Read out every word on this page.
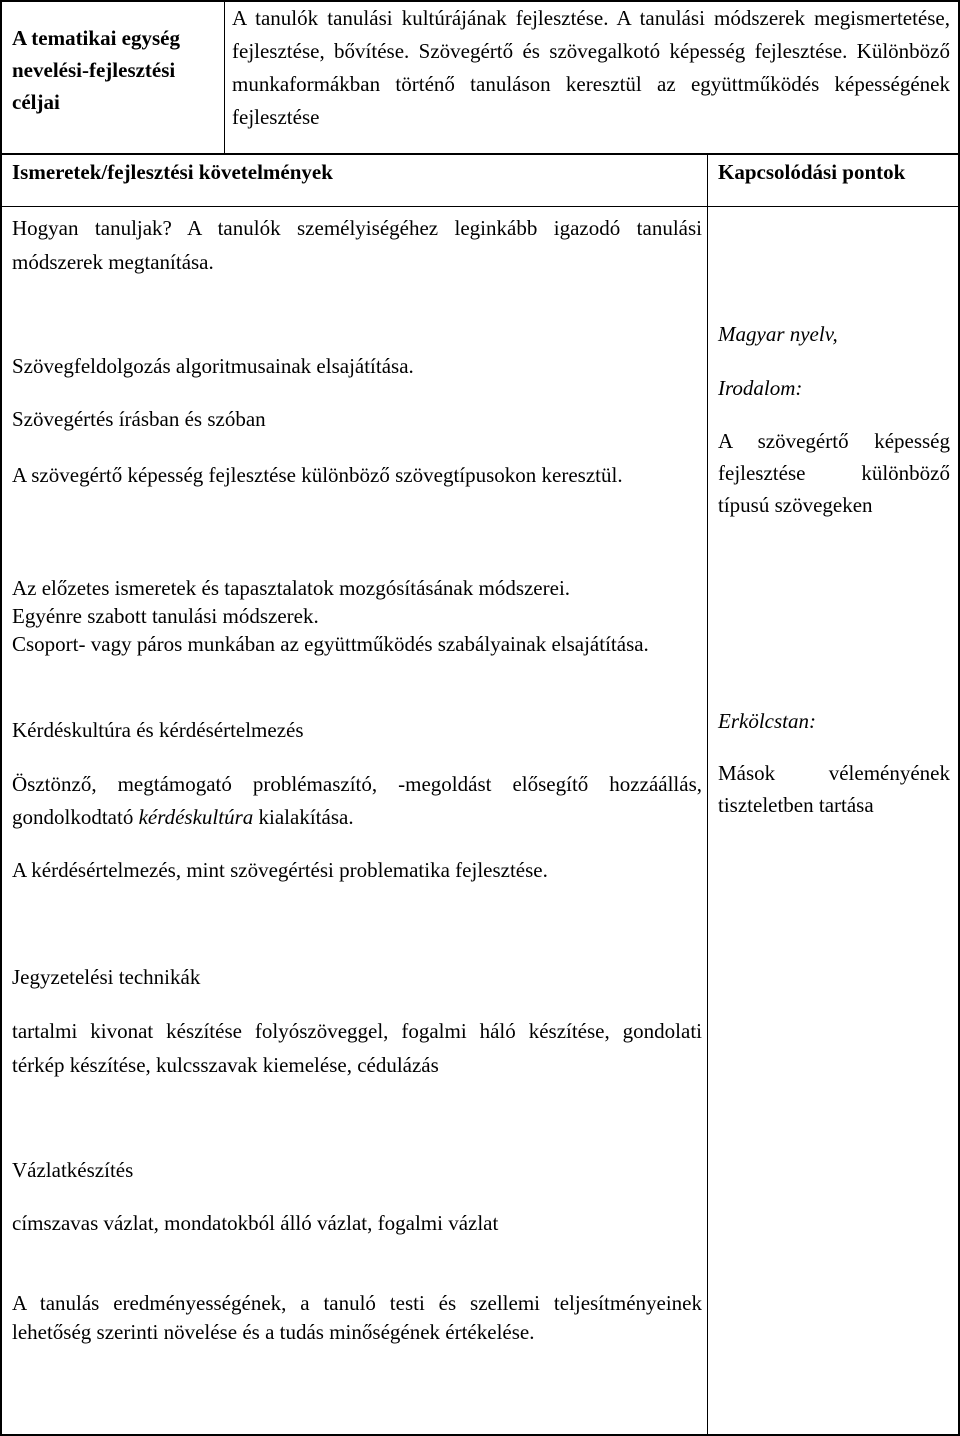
A tematikai egység nevelési-fejlesztési céljai
A tanulók tanulási kultúrájának fejlesztése. A tanulási módszerek megismertetése, fejlesztése, bővítése. Szövegértő és szövegalkotó képesség fejlesztése. Különböző munkaformákban történő tanuláson keresztül az együttműködés képességének fejlesztése
Ismeretek/fejlesztési követelmények	Kapcsolódási pontok
Hogyan tanuljak? A tanulók személyiségéhez leginkább igazodó tanulási módszerek megtanítása.
Szövegfeldolgozás algoritmusainak elsajátítása.
Szövegértés írásban és szóban
A szövegértő képesség fejlesztése különböző szövegtípusokon keresztül.
Az előzetes ismeretek és tapasztalatok mozgósításának módszerei.
Egyénre szabott tanulási módszerek.
Csoport- vagy páros munkában az együttműködés szabályainak elsajátítása.
Kérdéskultúra és kérdésértelmezés
Ösztönző, megtámogató problémaszító, -megoldást elősegítő hozzáállás, gondolkodtató kérdéskultúra kialakítása.
A kérdésértelmezés, mint szövegértési problematika fejlesztése.
Jegyzetelési technikák
tartalmi kivonat készítése folyószöveggel, fogalmi háló készítése, gondolati térkép készítése, kulcsszavak kiemelése, cédulázás
Vázlatkészítés
címszavas vázlat, mondatokból álló vázlat, fogalmi vázlat
A tanulás eredményességének, a tanuló testi és szellemi teljesítményeinek lehetőség szerinti növelése és a tudás minőségének értékelése.
Magyar nyelv,
Irodalom:
A szövegértő képesség fejlesztése különböző típusú szövegeken
Erkölcstan:
Mások véleményének tiszteletben tartása
